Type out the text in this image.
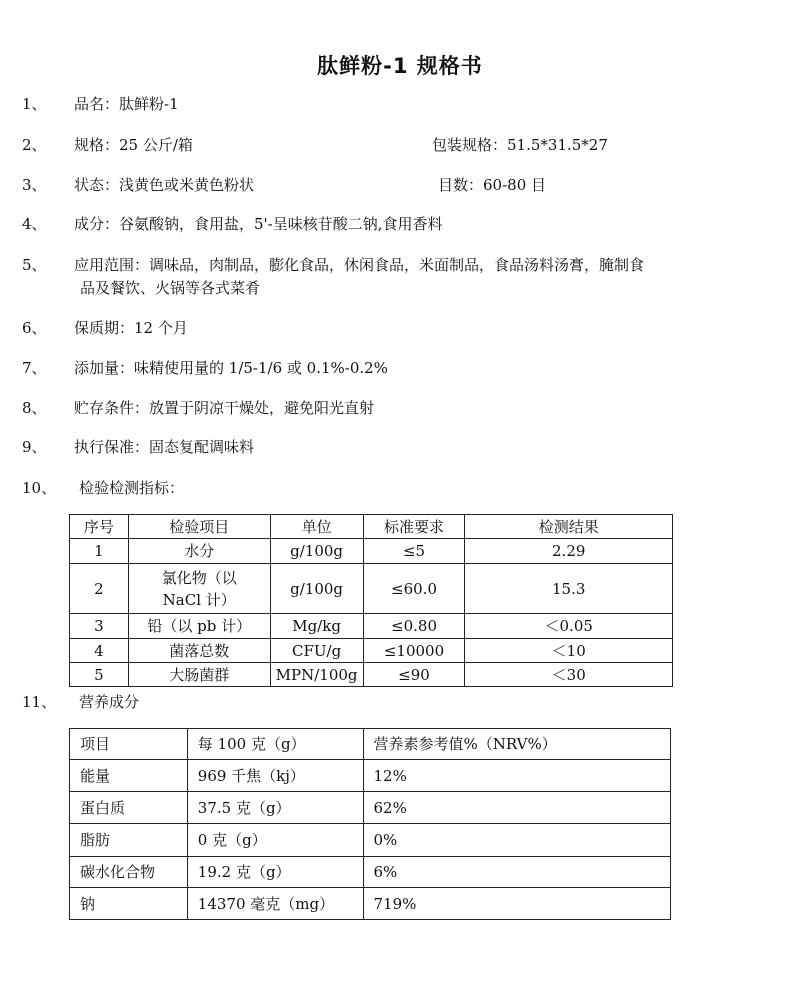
肽鲜粉-1 规格书
1、 品名：肽鲜粉-1
2、 规格：25 公斤/箱	包装规格：51.5*31.5*27
3、 状态：浅黄色或米黄色粉状	目数：60-80 目
4、 成分：谷氨酸钠，食用盐，5'-呈味核苷酸二钠,食用香料
5、 应用范围：调味品，肉制品，膨化食品，休闲食品，米面制品，食品汤料汤膏，腌制食
品及餐饮、火锅等各式菜肴
6、 保质期：12 个月
7、 添加量：味精使用量的 1/5-1/6 或 0.1%-0.2%
8、 贮存条件：放置于阴凉干燥处，避免阳光直射
9、 执行保准：固态复配调味料
10、 检验检测指标：
序号	检验项目	单位	标准要求	检测结果
1	水分	g/100g	≤5	2.29
2	氯化物（以
NaCl 计）	g/100g	≤60.0	15.3
3	铅（以 pb 计）	Mg/kg	≤0.80	＜0.05
4	菌落总数	CFU/g	≤10000	＜10
5	大肠菌群	MPN/100g	≤90	＜30
11、 营养成分
项目	每 100 克（g）	营养素参考值%（NRV%）
能量	969 千焦（kj）	12%
蛋白质	37.5 克（g）	62%
脂肪	0 克（g）	0%
碳水化合物	19.2 克（g）	6%
钠	14370 毫克（mg）	719%
